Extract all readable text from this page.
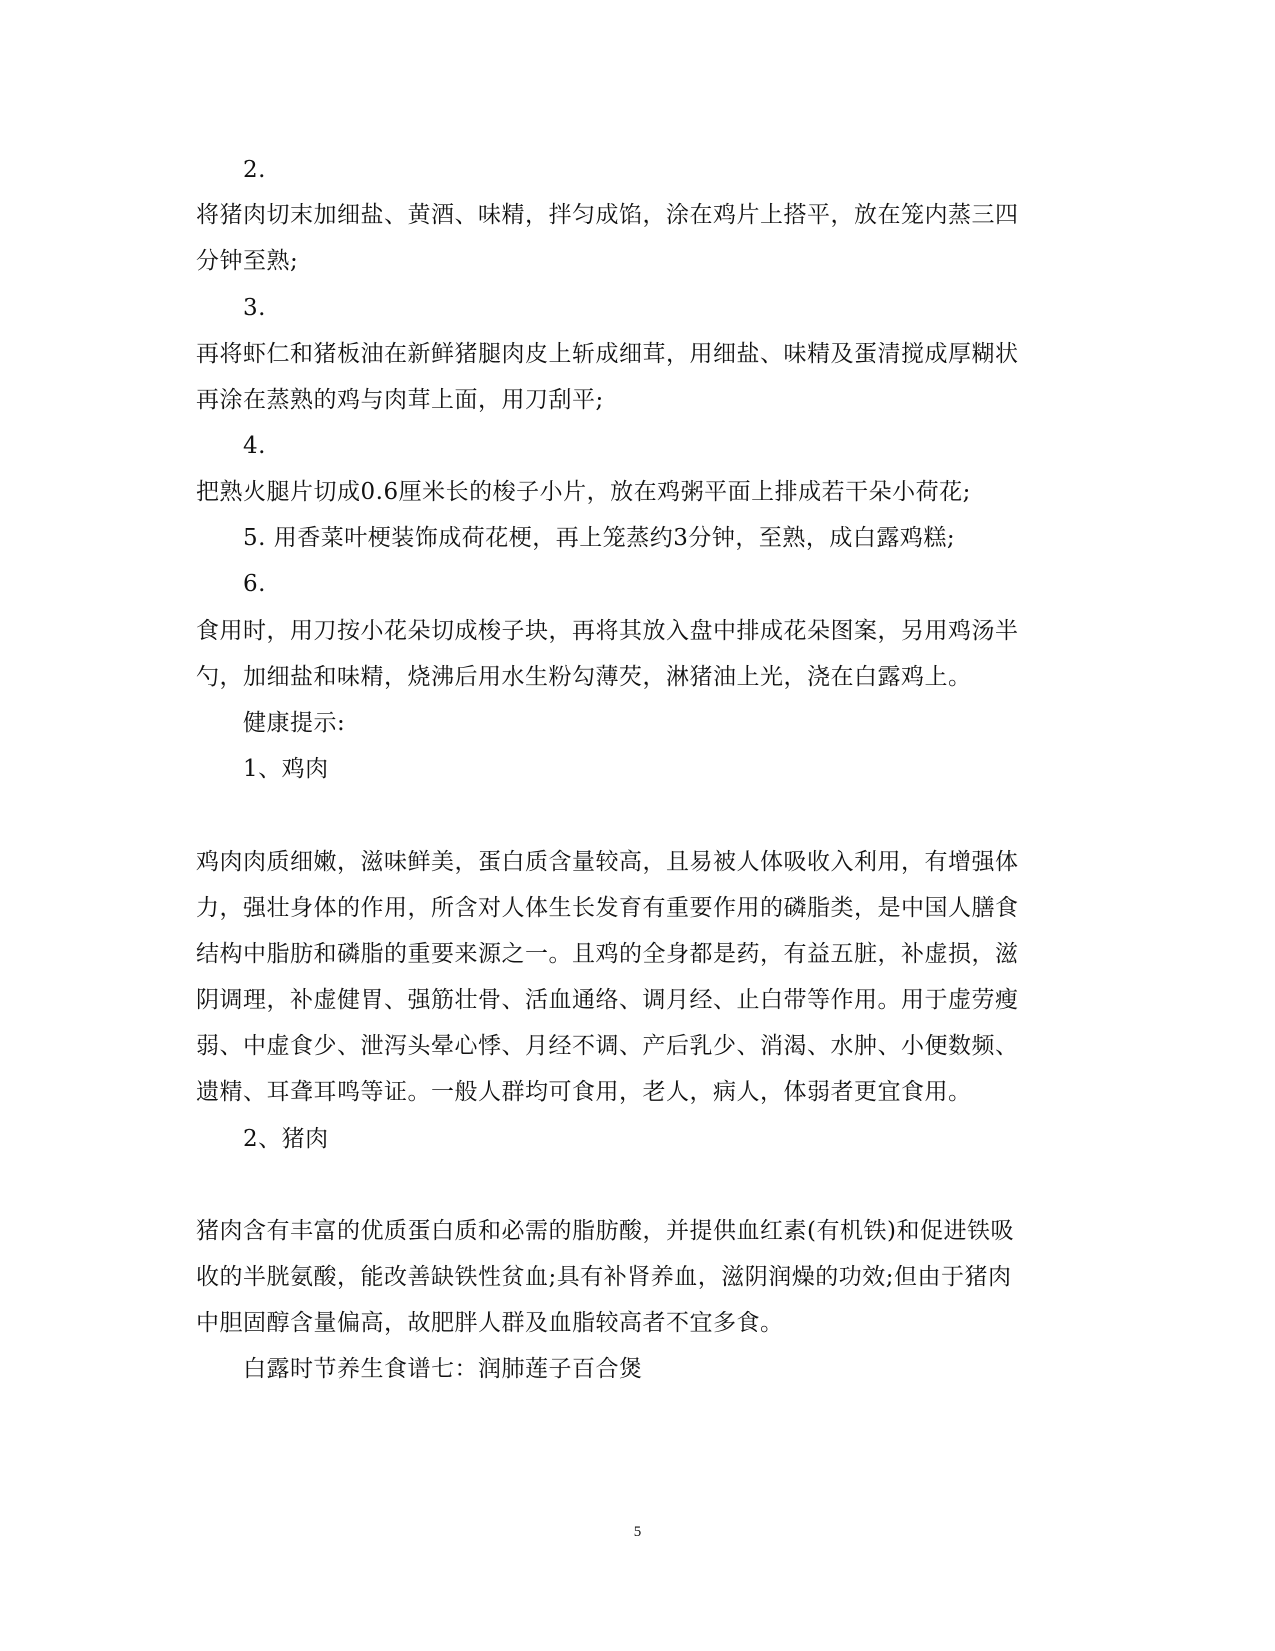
2.
将猪肉切末加细盐、黄酒、味精，拌匀成馅，涂在鸡片上搭平，放在笼内蒸三四
分钟至熟;
3.
再将虾仁和猪板油在新鲜猪腿肉皮上斩成细茸，用细盐、味精及蛋清搅成厚糊状
再涂在蒸熟的鸡与肉茸上面，用刀刮平;
4.
把熟火腿片切成0.6厘米长的梭子小片，放在鸡粥平面上排成若干朵小荷花;
5. 用香菜叶梗装饰成荷花梗，再上笼蒸约3分钟，至熟，成白露鸡糕;
6.
食用时，用刀按小花朵切成梭子块，再将其放入盘中排成花朵图案，另用鸡汤半
勺，加细盐和味精，烧沸后用水生粉勾薄芡，淋猪油上光，浇在白露鸡上。
健康提示:
1、鸡肉
鸡肉肉质细嫩，滋味鲜美，蛋白质含量较高，且易被人体吸收入利用，有增强体
力，强壮身体的作用，所含对人体生长发育有重要作用的磷脂类，是中国人膳食
结构中脂肪和磷脂的重要来源之一。且鸡的全身都是药，有益五脏，补虚损，滋
阴调理，补虚健胃、强筋壮骨、活血通络、调月经、止白带等作用。用于虚劳瘦
弱、中虚食少、泄泻头晕心悸、月经不调、产后乳少、消渴、水肿、小便数频、
遗精、耳聋耳鸣等证。一般人群均可食用，老人，病人，体弱者更宜食用。
2、猪肉
猪肉含有丰富的优质蛋白质和必需的脂肪酸，并提供血红素(有机铁)和促进铁吸
收的半胱氨酸，能改善缺铁性贫血;具有补肾养血，滋阴润燥的功效;但由于猪肉
中胆固醇含量偏高，故肥胖人群及血脂较高者不宜多食。
白露时节养生食谱七：润肺莲子百合煲
5
